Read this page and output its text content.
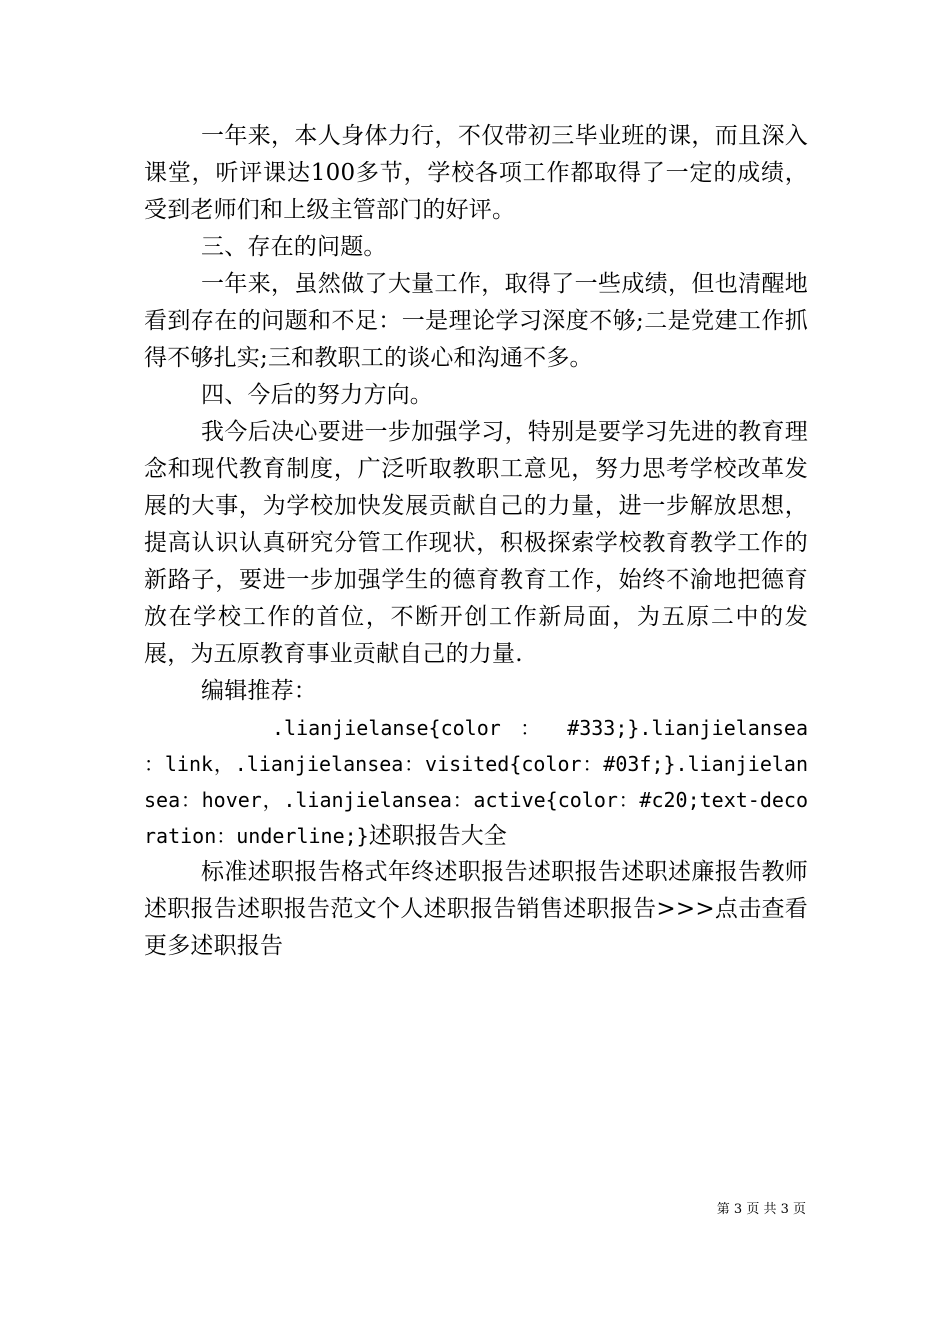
一年来，本人身体力行，不仅带初三毕业班的课，而且深入课堂，听评课达100多节，学校各项工作都取得了一定的成绩，受到老师们和上级主管部门的好评。

三、存在的问题。

一年来，虽然做了大量工作，取得了一些成绩，但也清醒地看到存在的问题和不足：一是理论学习深度不够;二是党建工作抓得不够扎实;三和教职工的谈心和沟通不多。

四、今后的努力方向。

我今后决心要进一步加强学习，特别是要学习先进的教育理念和现代教育制度，广泛听取教职工意见，努力思考学校改革发展的大事，为学校加快发展贡献自己的力量，进一步解放思想，提高认识认真研究分管工作现状，积极探索学校教育教学工作的新路子，要进一步加强学生的德育教育工作，始终不渝地把德育放在学校工作的首位，不断开创工作新局面，为五原二中的发展，为五原教育事业贡献自己的力量.

编辑推荐：

.lianjielanse{color ： #333;}.lianjielansea ：link，.lianjielansea：visited{color：#03f;}.lianjielansea：hover，.lianjielansea：active{color：#c20;text-decoration：underline;}述职报告大全

标准述职报告格式年终述职报告述职报告述职述廉报告教师述职报告述职报告范文个人述职报告销售述职报告>>>点击查看更多述职报告

第 3 页 共 3 页
